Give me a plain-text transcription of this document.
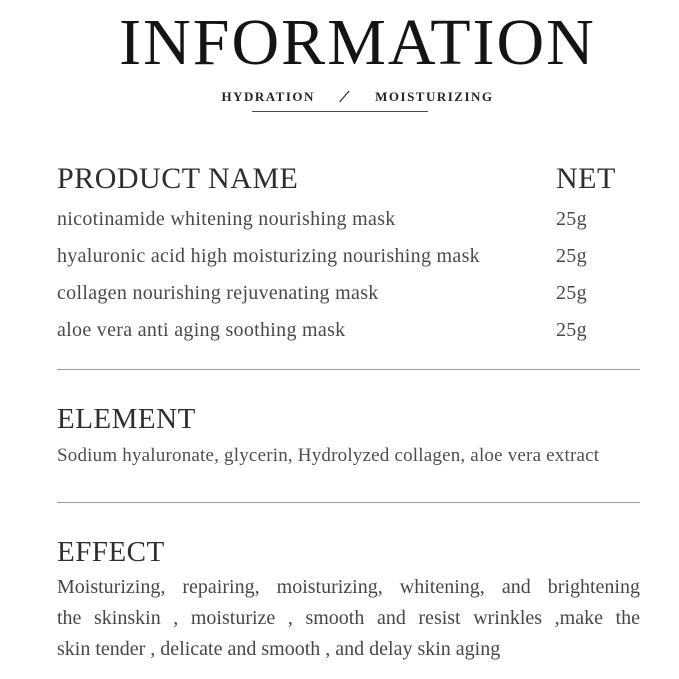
INFORMATION
HYDRATION / MOISTURIZING
PRODUCT NAME	NET
nicotinamide whitening nourishing mask	25g
hyaluronic acid high moisturizing nourishing mask	25g
collagen nourishing rejuvenating mask	25g
aloe vera anti aging soothing mask	25g
ELEMENT
Sodium hyaluronate, glycerin, Hydrolyzed collagen, aloe vera extract
EFFECT
Moisturizing, repairing, moisturizing, whitening, and brightening
the skinskin , moisturize , smooth and resist wrinkles ,make the
skin tender , delicate and smooth , and delay skin aging
